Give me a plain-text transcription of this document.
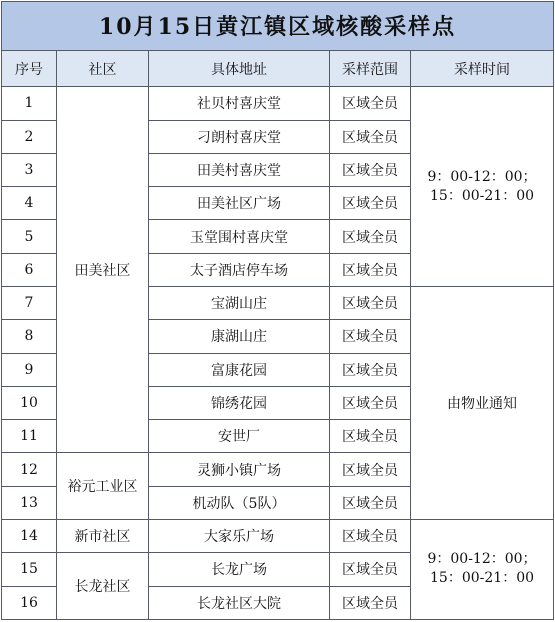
10月15日黄江镇区域核酸采样点				
序号	社区	具体地址	采样范围	采样时间
1	田美社区	社贝村喜庆堂	区域全员	9：00-12：00；
15：00-21：00

2		刁朗村喜庆堂	区域全员	
3		田美村喜庆堂	区域全员	
4		田美社区广场	区域全员	
5		玉堂围村喜庆堂	区域全员	
6		太子酒店停车场	区域全员	
7		宝湖山庄	区域全员	由物业通知
8		康湖山庄	区域全员	
9		富康花园	区域全员	
10		锦绣花园	区域全员	
11		安世厂	区域全员	
12	裕元工业区	灵狮小镇广场	区域全员	
13		机动队（5队）	区域全员	
14	新市社区	大家乐广场	区域全员	9：00-12：00；
15：00-21：00

15	长龙社区	长龙广场	区域全员	
16		长龙社区大院	区域全员	
